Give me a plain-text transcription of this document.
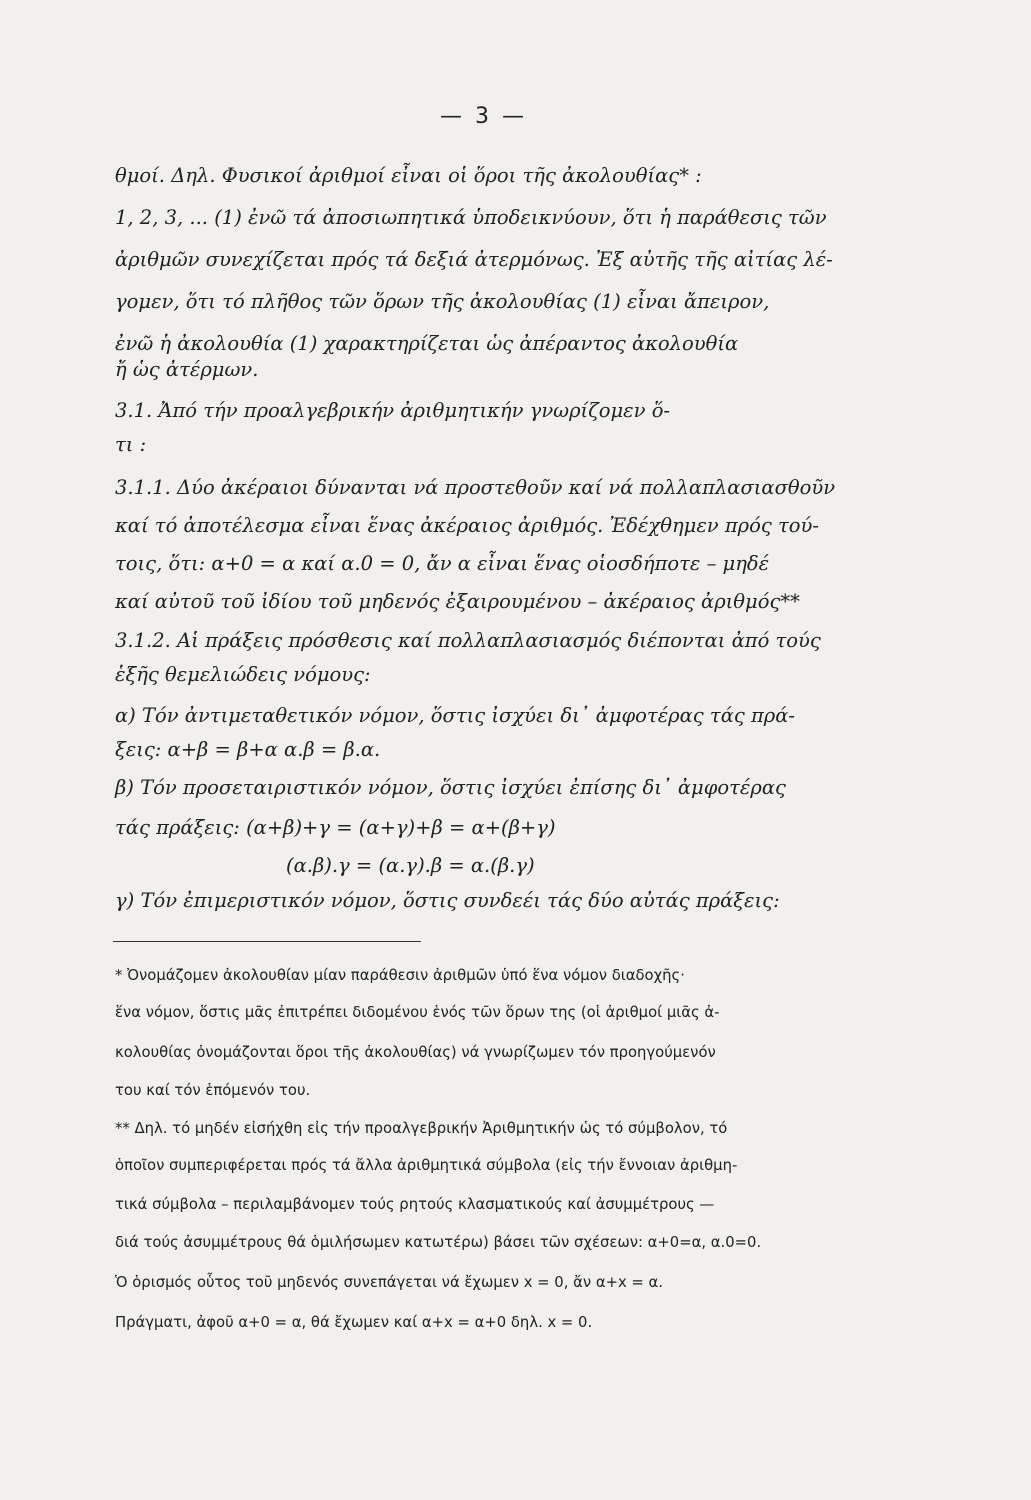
— 3 —
θμοί. Δηλ. Φυσικοί ἀριθμοί εἶναι οἱ ὅροι τῆς ἀκολουθίας* :
1, 2, 3, ... (1) ἐνῶ τά ἀποσιωπητικά ὑποδεικνύουν, ὅτι ἡ παράθεσις τῶν
ἀριθμῶν συνεχίζεται πρός τά δεξιά ἀτερμόνως. Ἐξ αὐτῆς τῆς αἰτίας λέ-
γομεν, ὅτι τό πλῆθος τῶν ὅρων τῆς ἀκολουθίας (1) εἶναι ἄπειρον,
ἐνῶ ἡ ἀκολουθία (1) χαρακτηρίζεται ὡς ἀπέραντος ἀκολουθία
ἤ ὡς ἀτέρμων.
3.1. Ἀπό τήν προαλγεβρικήν ἀριθμητικήν γνωρίζομεν ὅ-
τι :
3.1.1. Δύο ἀκέραιοι δύνανται νά προστεθοῦν καί νά πολλαπλασιασθοῦν
καί τό ἀποτέλεσμα εἶναι ἕνας ἀκέραιος ἀριθμός. Ἐδέχθημεν πρός τού-
τοις, ὅτι: α+0 = α καί α.0 = 0, ἄν α εἶναι ἕνας οἱοσδήποτε – μηδέ
καί αὐτοῦ τοῦ ἰδίου τοῦ μηδενός ἐξαιρουμένου – ἀκέραιος ἀριθμός**
3.1.2. Αἱ πράξεις πρόσθεσις καί πολλαπλασιασμός διέπονται ἀπό τούς
ἑξῆς θεμελιώδεις νόμους:
α) Τόν ἀντιμεταθετικόν νόμον, ὅστις ἰσχύει δι᾽ ἀμφοτέρας τάς πρά-
ξεις: α+β = β+α α.β = β.α.
β) Τόν προσεταιριστικόν νόμον, ὅστις ἰσχύει ἐπίσης δι᾽ ἀμφοτέρας
τάς πράξεις: (α+β)+γ = (α+γ)+β = α+(β+γ)
(α.β).γ = (α.γ).β = α.(β.γ)
γ) Τόν ἐπιμεριστικόν νόμον, ὅστις συνδεέι τάς δύο αὐτάς πράξεις:
* Ὀνομάζομεν ἀκολουθίαν μίαν παράθεσιν ἀριθμῶν ὑπό ἕνα νόμον διαδοχῆς·
ἕνα νόμον, ὅστις μᾶς ἐπιτρέπει διδομένου ἑνός τῶν ὅρων της (οἱ ἀριθμοί μιᾶς ἀ-
κολουθίας ὀνομάζονται ὅροι τῆς ἀκολουθίας) νά γνωρίζωμεν τόν προηγούμενόν
του καί τόν ἑπόμενόν του.
** Δηλ. τό μηδέν εἰσήχθη εἰς τήν προαλγεβρικήν Ἀριθμητικήν ὡς τό σύμβολον, τό
ὁποῖον συμπεριφέρεται πρός τά ἄλλα ἀριθμητικά σύμβολα (εἰς τήν ἔννοιαν ἀριθμη-
τικά σύμβολα – περιλαμβάνομεν τούς ρητούς κλασματικούς καί ἀσυμμέτρους —
διά τούς ἀσυμμέτρους θά ὁμιλήσωμεν κατωτέρω) βάσει τῶν σχέσεων: α+0=α, α.0=0.
Ὁ ὁρισμός οὗτος τοῦ μηδενός συνεπάγεται νά ἔχωμεν x = 0, ἄν α+x = α.
Πράγματι, ἀφοῦ α+0 = α, θά ἔχωμεν καί α+x = α+0 δηλ. x = 0.
